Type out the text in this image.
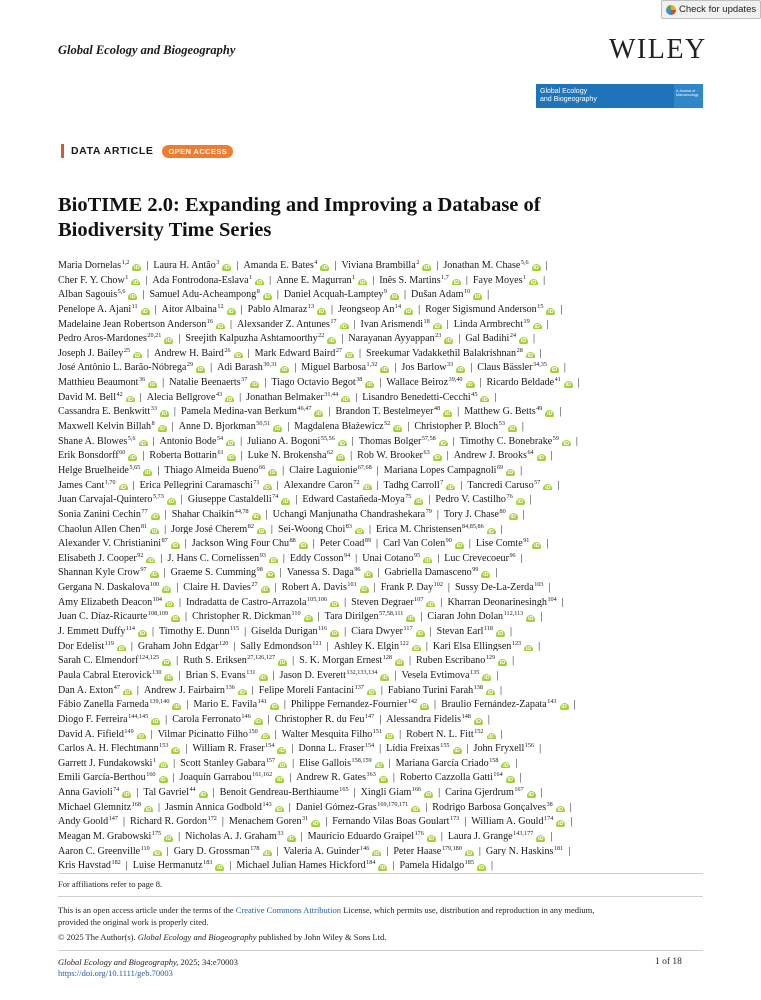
Check for updates
Global Ecology and Biogeography	WILEY
Global Ecology
and Biogeography
A Journal of Macroecology
DATA ARTICLE	OPEN ACCESS
BioTIME 2.0: Expanding and Improving a Database of
Biodiversity Time Series
Maria Dornelas$^{1,2}$iD | Laura H. Antão$^3$iD | Amanda E. Bates$^4$iD | Viviana Brambilla$^2$iD | Jonathan M. Chase$^{5,6}$iD |
Cher F. Y. Chow$^1$iD | Ada Fontrodona-Eslava$^1$iD | Anne E. Magurran$^1$iD | Inês S. Martins$^{1,7}$iD | Faye Moyes$^1$iD |
Alban Sagouis$^{5,6}$iD | Samuel Adu-Acheampong$^8$iD | Daniel Acquah-Lamptey$^9$iD | Dušan Adam$^{10}$iD |
Penelope A. Ajani$^{11}$iD | Aitor Albaina$^{12}$iD | Pablo Almaraz$^{13}$iD | Jeongseop An$^{14}$iD | Roger Sigismund Anderson$^{15}$iD |
Madelaine Jean Robertson Anderson$^{16}$iD | Alexsander Z. Antunes$^{17}$iD | Ivan Arismendi$^{18}$iD | Linda Armbrecht$^{19}$iD |
Pedro Aros-Mardones$^{20,21}$iD | Sreejith Kalpuzha Ashtamoorthy$^{22}$iD | Narayanan Ayyappan$^{23}$iD | Gal Badihi$^{24}$iD |
Joseph J. Bailey$^{25}$iD | Andrew H. Baird$^{26}$iD | Mark Edward Baird$^{27}$iD | Sreekumar Vadakkethil Balakrishnan$^{28}$iD |
José Antônio L. Barão-Nóbrega$^{29}$iD | Adi Barash$^{30,31}$iD | Miguel Barbosa$^{1,32}$iD | Jos Barlow$^{33}$iD | Claus Bässler$^{34,35}$iD |
Matthieu Beaumont$^{36}$iD | Natalie Beenaerts$^{37}$iD | Tiago Octavio Begot$^{38}$iD | Wallace Beiroz$^{39,40}$iD | Ricardo Beldade$^{41}$iD |
David M. Bell$^{42}$iD | Alecia Bellgrove$^{43}$iD | Jonathan Belmaker$^{31,44}$iD | Lisandro Benedetti-Cecchi$^{45}$iD |
Cassandra E. Benkwitt$^{33}$iD | Pamela Medina-van Berkum$^{46,47}$iD | Brandon T. Bestelmeyer$^{48}$iD | Matthew G. Betts$^{49}$iD |
Maxwell Kelvin Billah$^8$iD | Anne D. Bjorkman$^{50,51}$iD | Magdalena Błażewicz$^{52}$iD | Christopher P. Bloch$^{53}$iD |
Shane A. Blowes$^{5,6}$iD | Antonio Bode$^{54}$iD | Juliano A. Bogoni$^{55,56}$iD | Thomas Bolger$^{57,58}$iD | Timothy C. Bonebrake$^{59}$iD |
Erik Bonsdorff$^{60}$iD | Roberta Bottarin$^{61}$iD | Luke N. Brokensha$^{62}$iD | Rob W. Brooker$^{63}$iD | Andrew J. Brooks$^{64}$iD |
Helge Bruelheide$^{5,65}$iD | Thiago Almeida Bueno$^{66}$iD | Claire Laguionie$^{67,68}$ | Mariana Lopes Campagnoli$^{69}$iD |
James Cant$^{1,70}$iD | Erica Pellegrini Caramaschi$^{71}$iD | Alexandre Caron$^{72}$iD | Tadhg Carroll$^7$iD | Tancredi Caruso$^{57}$iD |
Juan Carvajal-Quintero$^{5,73}$iD | Giuseppe Castaldelli$^{74}$iD | Edward Castañeda-Moya$^{75}$iD | Pedro V. Castilho$^{76}$iD |
Sonia Zanini Cechin$^{77}$iD | Shahar Chaikin$^{44,78}$iD | Uchangi Manjunatha Chandrashekara$^{79}$ | Tory J. Chase$^{80}$iD |
Chaolun Allen Chen$^{81}$iD | Jorge José Cherem$^{82}$iD | Sei-Woong Choi$^{83}$iD | Erica M. Christensen$^{84,85,86}$iD |
Alexander V. Christianini$^{87}$iD | Jackson Wing Four Chu$^{88}$iD | Peter Coad$^{89}$ | Carl Van Colen$^{90}$iD | Lise Comte$^{91}$iD |
Elisabeth J. Cooper$^{92}$iD | J. Hans C. Cornelissen$^{93}$iD | Eddy Cosson$^{94}$ | Unai Cotano$^{95}$iD | Luc Crevecoeur$^{96}$ |
Shannan Kyle Crow$^{97}$iD | Graeme S. Cumming$^{98}$iD | Vanessa S. Daga$^{96}$iD | Gabriella Damasceno$^{99}$iD |
Gergana N. Daskalova$^{100}$iD | Claire H. Davies$^{27}$iD | Robert A. Davis$^{101}$iD | Frank P. Day$^{102}$ | Sussy De-La-Zerda$^{103}$ |
Amy Elizabeth Deacon$^{104}$iD | Indradatta de Castro-Arrazola$^{105,106}$iD | Steven Degraer$^{107}$iD | Kharran Deonarinesingh$^{104}$ |
Juan C. Díaz-Ricaurte$^{108,109}$iD | Christopher R. Dickman$^{110}$iD | Tara Dirilgen$^{57,58,111}$iD | Ciaran John Dolan$^{112,113}$iD |
J. Emmett Duffy$^{114}$iD | Timothy E. Dunn$^{115}$ | Giselda Durigan$^{116}$iD | Ciara Dwyer$^{117}$iD | Stevan Earl$^{118}$iD |
Dor Edelist$^{119}$iD | Graham John Edgar$^{120}$ | Sally Edmondson$^{121}$ | Ashley K. Elgin$^{122}$iD | Kari Elsa Ellingsen$^{123}$iD |
Sarah C. Elmendorf$^{124,125}$iD | Ruth S. Eriksen$^{27,126,127}$iD | S. K. Morgan Ernest$^{128}$iD | Ruben Escribano$^{129}$iD |
Paula Cabral Eterovick$^{130}$iD | Brian S. Evans$^{131}$iD | Jason D. Everett$^{132,133,134}$iD | Vesela Evtimova$^{135}$iD |
Dan A. Exton$^{47}$iD | Andrew J. Fairbairn$^{136}$iD | Felipe Moreli Fantacini$^{137}$iD | Fabiano Turini Farah$^{138}$iD |
Fábio Zanella Farneda$^{139,140}$iD | Mario E. Favila$^{141}$iD | Philippe Fernandez-Fournier$^{142}$iD | Braulio Fernández-Zapata$^{143}$iD |
Diogo F. Ferreira$^{144,145}$iD | Carola Ferronato$^{146}$iD | Christopher R. du Feu$^{147}$ | Alessandra Fidelis$^{148}$iD |
David A. Fifield$^{149}$iD | Vilmar Picinatto Filho$^{150}$iD | Walter Mesquita Filho$^{151}$iD | Robert N. L. Fitt$^{152}$iD |
Carlos A. H. Flechtmann$^{153}$iD | William R. Fraser$^{154}$iD | Donna L. Fraser$^{154}$ | Lídia Freixas$^{155}$iD | John Fryxell$^{156}$ |
Garrett J. Fundakowski$^1$iD | Scott Stanley Gabara$^{157}$iD | Elise Gallois$^{158,159}$iD | Mariana García Criado$^{158}$iD |
Emili García-Berthou$^{160}$iD | Joaquín Garrabou$^{161,162}$iD | Andrew R. Gates$^{163}$iD | Roberto Cazzolla Gatti$^{164}$iD |
Anna Gavioli$^{74}$iD | Tal Gavriel$^{44}$iD | Benoit Gendreau-Berthiaume$^{165}$ | Xingli Giam$^{166}$iD | Carina Gjerdrum$^{167}$iD |
Michael Glemnitz$^{168}$iD | Jasmin Annica Godbold$^{143}$iD | Daniel Gómez-Gras$^{169,170,171}$iD | Rodrigo Barbosa Gonçalves$^{38}$iD |
Andy Goold$^{147}$ | Richard R. Gordon$^{172}$ | Menachem Goren$^{31}$iD | Fernando Vilas Boas Goulart$^{173}$ | William A. Gould$^{174}$iD |
Meagan M. Grabowski$^{175}$iD | Nicholas A. J. Graham$^{33}$iD | Maurício Eduardo Graipel$^{176}$iD | Laura J. Grange$^{143,177}$iD |
Aaron C. Greenville$^{110}$iD | Gary D. Grossman$^{178}$iD | Valeria A. Guinder$^{146}$iD | Peter Haase$^{179,180}$iD | Gary N. Haskins$^{181}$ |
Kris Havstad$^{182}$ | Luise Hermanutz$^{183}$iD | Michael Julian Hames Hickford$^{184}$iD | Pamela Hidalgo$^{185}$iD |
For affiliations refer to page 8.
This is an open access article under the terms of the Creative Commons Attribution License, which permits use, distribution and reproduction in any medium,
provided the original work is properly cited.
© 2025 The Author(s). Global Ecology and Biogeography published by John Wiley & Sons Ltd.
Global Ecology and Biogeography, 2025; 34:e70003
https://doi.org/10.1111/geb.70003
1 of 18
